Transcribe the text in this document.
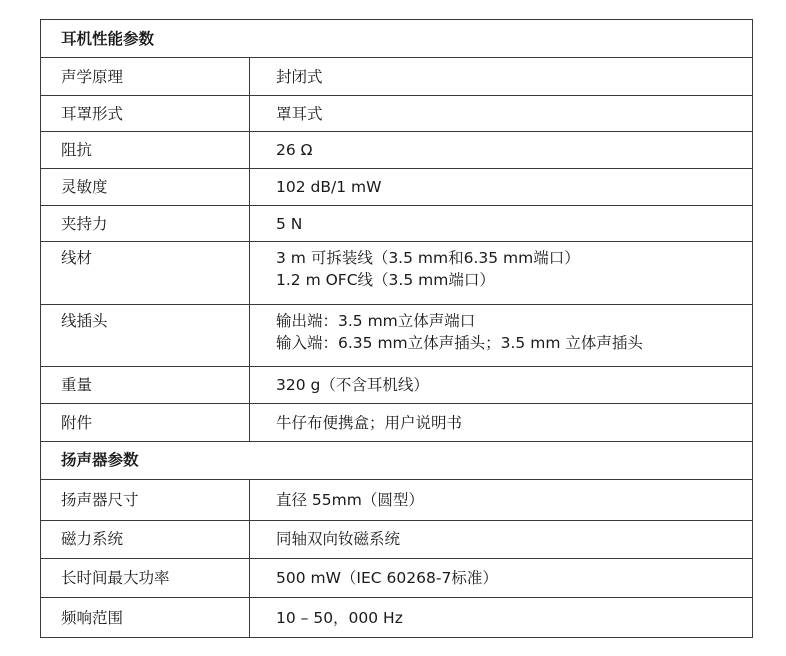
耳机性能参数	
声学原理	封闭式
耳罩形式	罩耳式
阻抗	26 Ω
灵敏度	102 dB/1 mW
夹持力	5 N
线材	3 m 可拆装线（3.5 mm和6.35 mm端口）
1.2 m OFC线（3.5 mm端口）

线插头	输出端：3.5 mm立体声端口
输入端：6.35 mm立体声插头；3.5 mm 立体声插头

重量	320 g（不含耳机线）
附件	牛仔布便携盒；用户说明书
扬声器参数	
扬声器尺寸	直径 55mm（圆型）
磁力系统	同轴双向钕磁系统
长时间最大功率	500 mW（IEC 60268-7标准）
频响范围	10 – 50，000 Hz
